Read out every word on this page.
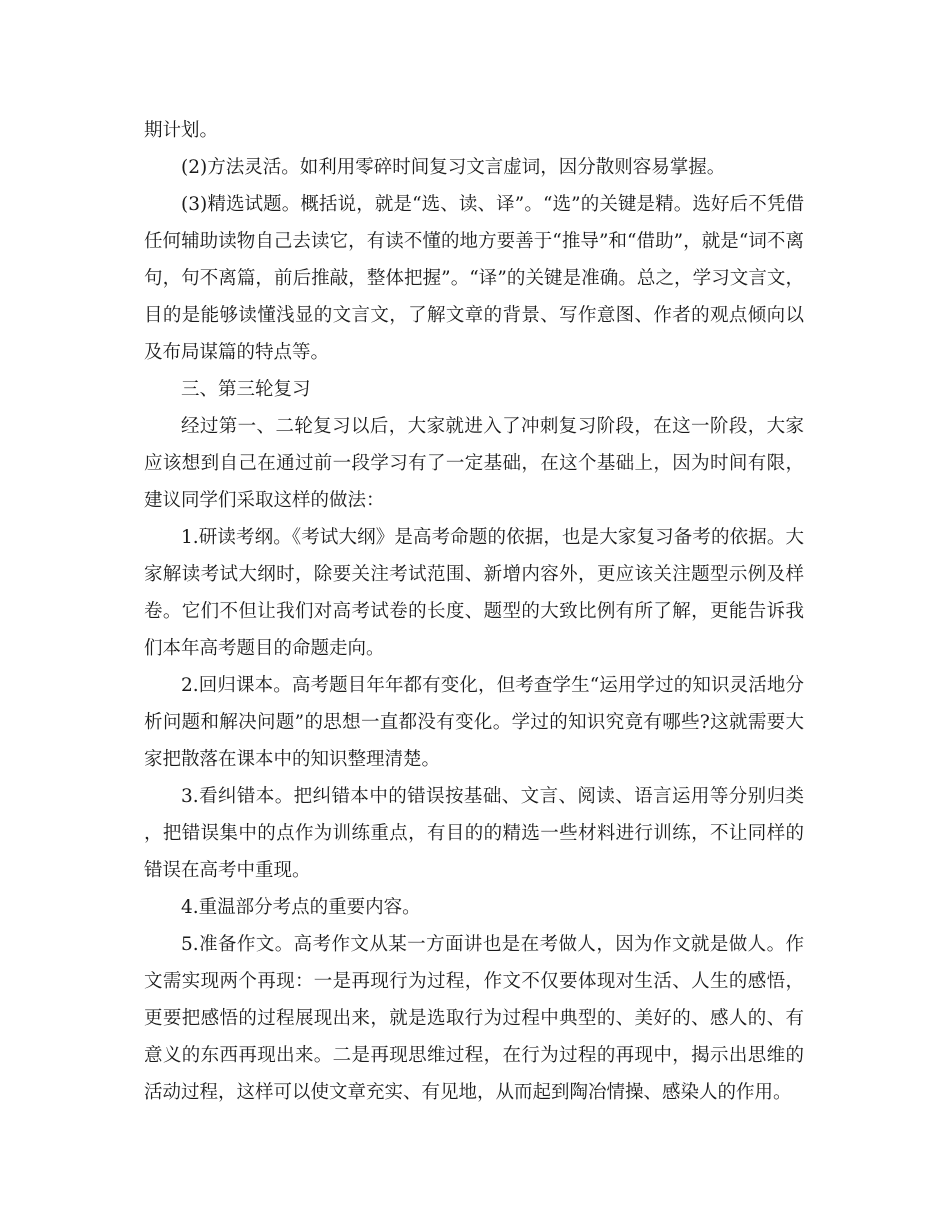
期计划。

(2)方法灵活。如利用零碎时间复习文言虚词，因分散则容易掌握。

(3)精选试题。概括说，就是“选、读、译”。“选”的关键是精。选好后不凭借任何辅助读物自己去读它，有读不懂的地方要善于“推导”和“借助”，就是“词不离句，句不离篇，前后推敲，整体把握”。“译”的关键是准确。总之，学习文言文，目的是能够读懂浅显的文言文，了解文章的背景、写作意图、作者的观点倾向以及布局谋篇的特点等。

三、第三轮复习

经过第一、二轮复习以后，大家就进入了冲刺复习阶段，在这一阶段，大家应该想到自己在通过前一段学习有了一定基础，在这个基础上，因为时间有限，建议同学们采取这样的做法：

1.研读考纲。《考试大纲》是高考命题的依据，也是大家复习备考的依据。大家解读考试大纲时，除要关注考试范围、新增内容外，更应该关注题型示例及样卷。它们不但让我们对高考试卷的长度、题型的大致比例有所了解，更能告诉我们本年高考题目的命题走向。

2.回归课本。高考题目年年都有变化，但考查学生“运用学过的知识灵活地分析问题和解决问题”的思想一直都没有变化。学过的知识究竟有哪些?这就需要大家把散落在课本中的知识整理清楚。

3.看纠错本。把纠错本中的错误按基础、文言、阅读、语言运用等分别归类，把错误集中的点作为训练重点，有目的的精选一些材料进行训练，不让同样的错误在高考中重现。

4.重温部分考点的重要内容。

5.准备作文。高考作文从某一方面讲也是在考做人，因为作文就是做人。作文需实现两个再现：一是再现行为过程，作文不仅要体现对生活、人生的感悟，更要把感悟的过程展现出来，就是选取行为过程中典型的、美好的、感人的、有意义的东西再现出来。二是再现思维过程，在行为过程的再现中，揭示出思维的活动过程，这样可以使文章充实、有见地，从而起到陶冶情操、感染人的作用。
